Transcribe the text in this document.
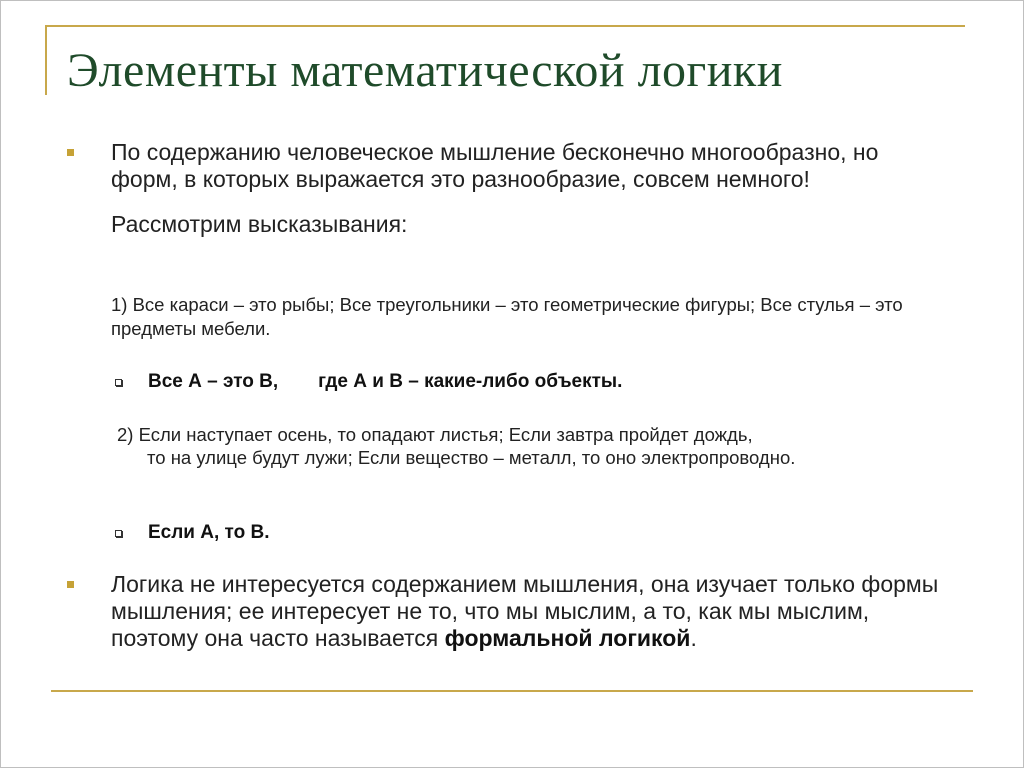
Элементы математической логики

По содержанию человеческое мышление бесконечно многообразно, но форм, в которых выражается это разнообразие, совсем немного!

Рассмотрим высказывания:

1) Все караси – это рыбы; Все треугольники – это геометрические фигуры; Все стулья – это предметы мебели.

Все А – это В, где А и В – какие-либо объекты.
2) Если наступает осень, то опадают листья; Если завтра пройдет дождь,
то на улице будут лужи; Если вещество – металл, то оно электропроводно.
Если А, то В.

Логика не интересуется содержанием мышления, она изучает только формы мышления; ее интересует не то, что мы мыслим, а то, как мы мыслим, поэтому она часто называется формальной логикой.
